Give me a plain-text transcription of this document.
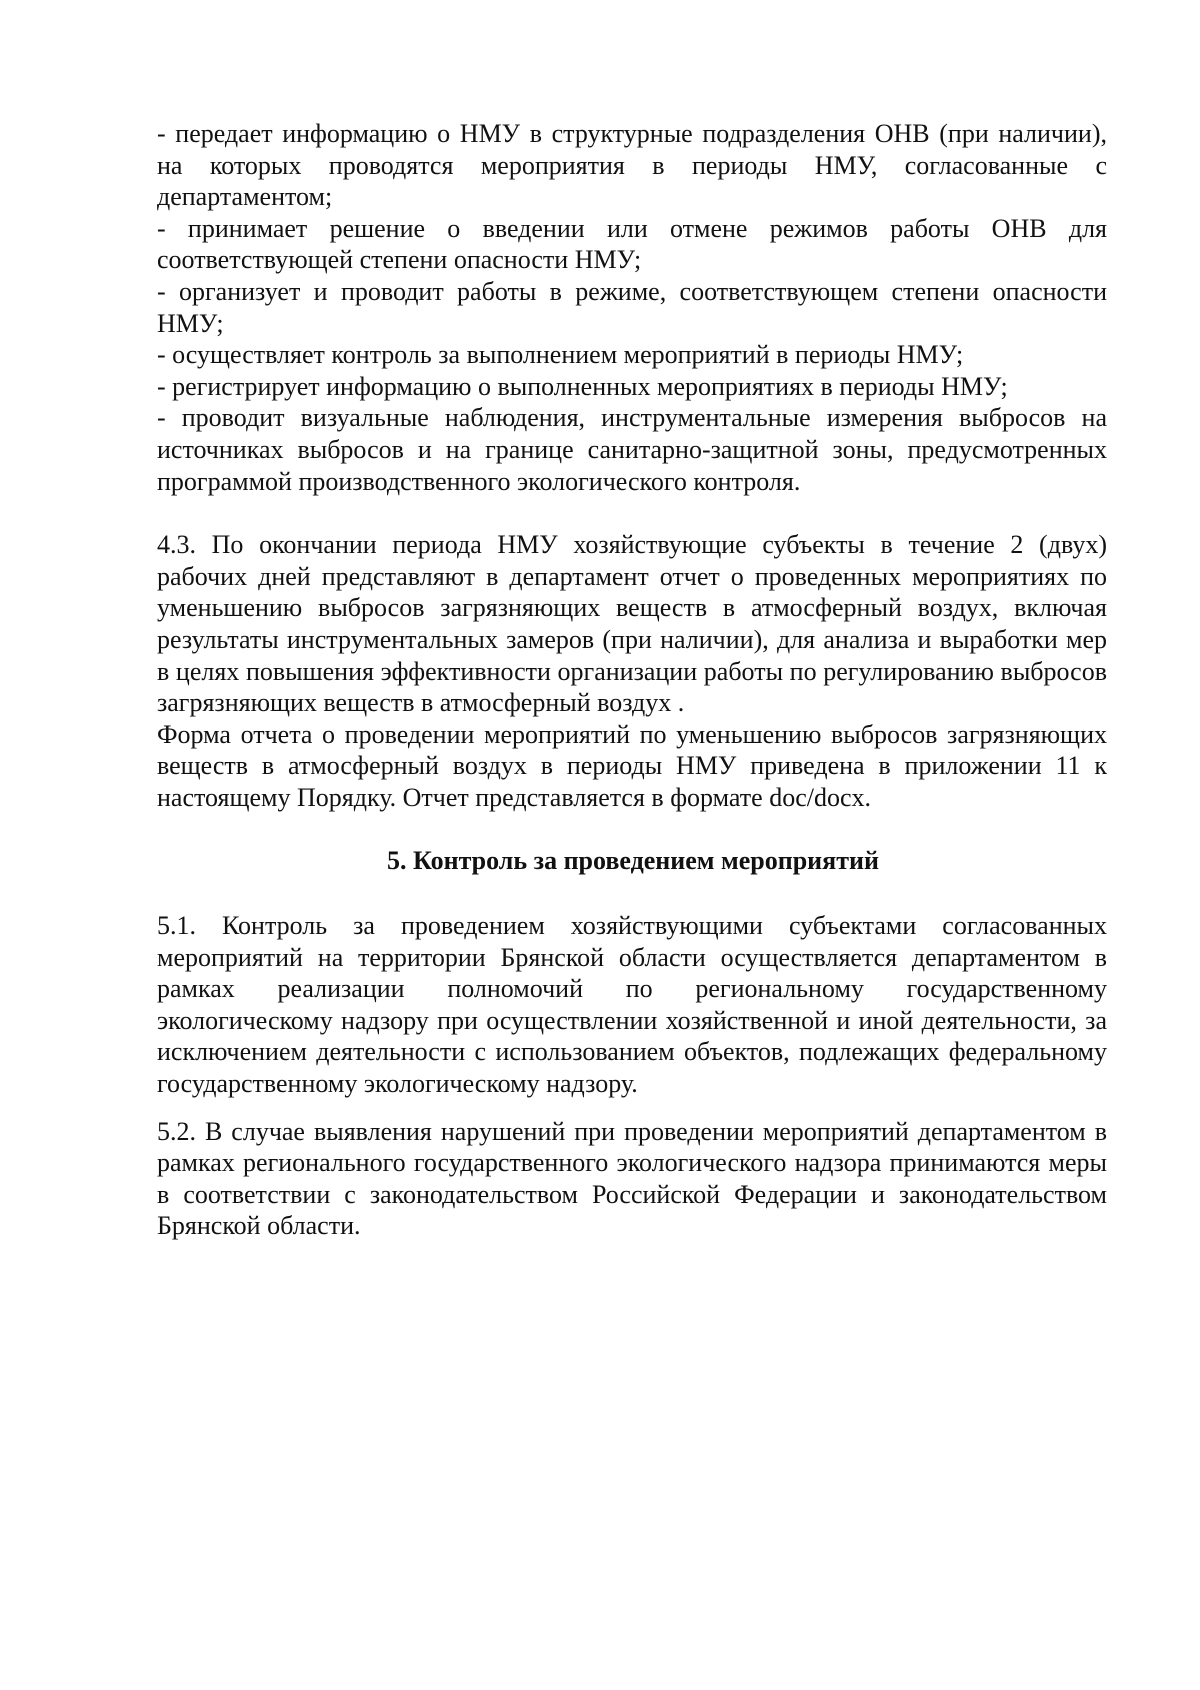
- передает информацию о НМУ в структурные подразделения ОНВ (при наличии), на которых проводятся мероприятия в периоды НМУ, согласованные с департаментом;

- принимает решение о введении или отмене режимов работы ОНВ для соответствующей степени опасности НМУ;

- организует и проводит работы в режиме, соответствующем степени опасности НМУ;

- осуществляет контроль за выполнением мероприятий в периоды НМУ;

- регистрирует информацию о выполненных мероприятиях в периоды НМУ;

- проводит визуальные наблюдения, инструментальные измерения выбросов на источниках выбросов и на границе санитарно-защитной зоны, предусмотренных программой производственного экологического контроля.

4.3. По окончании периода НМУ хозяйствующие субъекты в течение 2 (двух) рабочих дней представляют в департамент отчет о проведенных мероприятиях по уменьшению выбросов загрязняющих веществ в атмосферный воздух, включая результаты инструментальных замеров (при наличии), для анализа и выработки мер в целях повышения эффективности организации работы по регулированию выбросов загрязняющих веществ в атмосферный воздух .

Форма отчета о проведении мероприятий по уменьшению выбросов загрязняющих веществ в атмосферный воздух в периоды НМУ приведена в приложении 11 к настоящему Порядку. Отчет представляется в формате doc/docx.

5. Контроль за проведением мероприятий

5.1. Контроль за проведением хозяйствующими субъектами согласованных мероприятий на территории Брянской области осуществляется департаментом в рамках реализации полномочий по региональному государственному экологическому надзору при осуществлении хозяйственной и иной деятельности, за исключением деятельности с использованием объектов, подлежащих федеральному государственному экологическому надзору.

5.2. В случае выявления нарушений при проведении мероприятий департаментом в рамках регионального государственного экологического надзора принимаются меры в соответствии с законодательством Российской Федерации и законодательством Брянской области.
